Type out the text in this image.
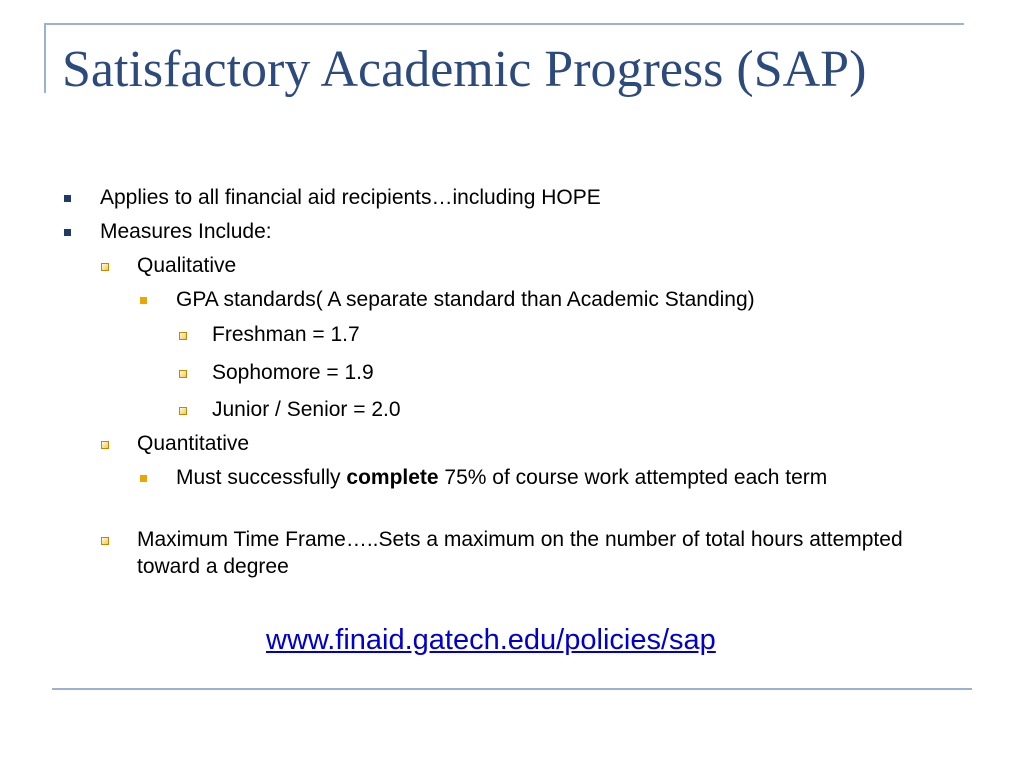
Satisfactory Academic Progress (SAP)
Applies to all financial aid recipients…including HOPE
Measures Include:
Qualitative
GPA standards( A separate standard than Academic Standing)
Freshman = 1.7
Sophomore = 1.9
Junior / Senior = 2.0
Quantitative
Must successfully complete 75% of course work attempted each term
Maximum Time Frame…..Sets a maximum on the number of total hours attempted toward a degree
www.finaid.gatech.edu/policies/sap
